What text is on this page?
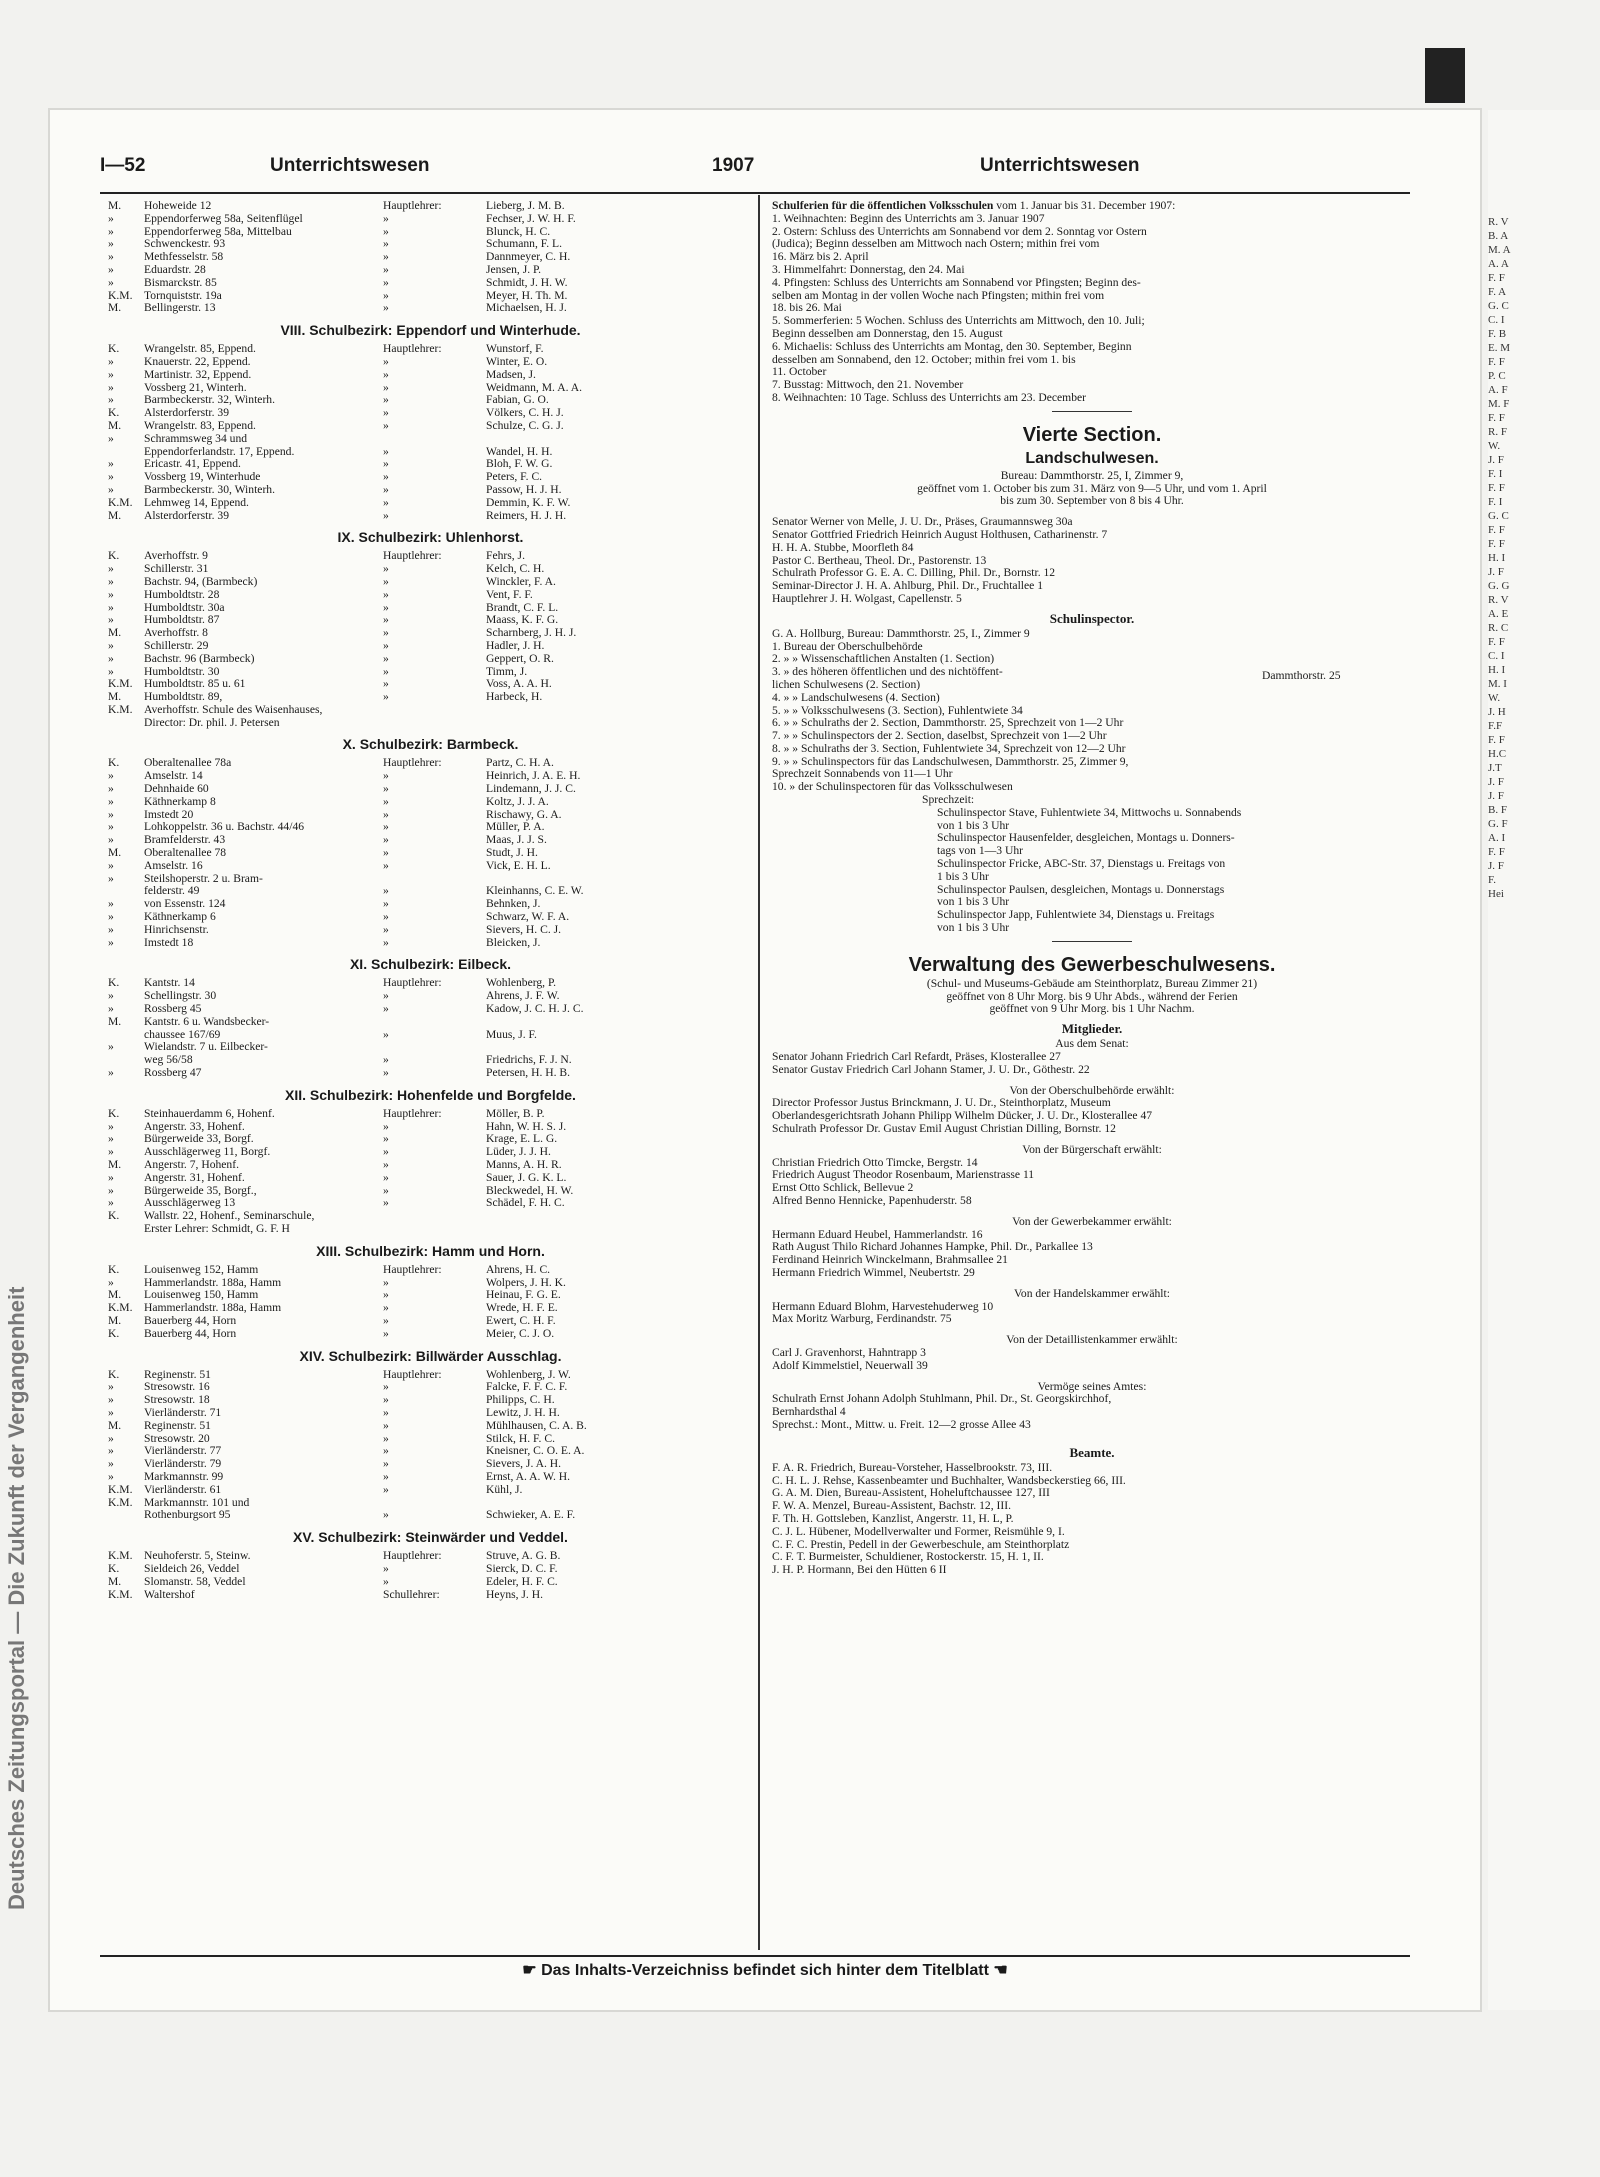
Deutsches Zeitungsportal — Die Zukunft der Vergangenheit
R. V
B. A
M. A
A. A
F. F
F. A
G. C
C. I
F. B
E. M
F. F
P. C
A. F
M. F
F. F
R. F
W.
J. F
F. I
F. F
F. I
G. C
F. F
F. F
H. I
J. F
G. G
R. V
A. E
R. C
F. F
C. I
H. I
M. I
W.
J. H
F.F
F. F
H.C
J.T
J. F
J. F
B. F
G. F
A. I
F. F
J. F
F.
Hei
I—52	Unterrichtswesen	1907	Unterrichtswesen
M.	Hoheweide 12	Hauptlehrer:	Lieberg, J. M. B.
»	Eppendorferweg 58a, Seitenflügel	»	Fechser, J. W. H. F.
»	Eppendorferweg 58a, Mittelbau	»	Blunck, H. C.
»	Schwenckestr. 93	»	Schumann, F. L.
»	Methfesselstr. 58	»	Dannmeyer, C. H.
»	Eduardstr. 28	»	Jensen, J. P.
»	Bismarckstr. 85	»	Schmidt, J. H. W.
K.M. Tornquiststr. 19a	»	Meyer, H. Th. M.
M.	Bellingerstr. 13	»	Michaelsen, H. J.
VIII. Schulbezirk: Eppendorf und Winterhude.
K.	Wrangelstr. 85, Eppend.	Hauptlehrer:	Wunstorf, F.
»	Knauerstr. 22, Eppend.	»	Winter, E. O.
»	Martinistr. 32, Eppend.	»	Madsen, J.
»	Vossberg 21, Winterh.	»	Weidmann, M. A. A.
»	Barmbeckerstr. 32, Winterh.	»	Fabian, G. O.
K.	Alsterdorferstr. 39	»	Völkers, C. H. J.
M.	Wrangelstr. 83, Eppend.	»	Schulze, C. G. J.
»	Schrammsweg 34 und
Eppendorferlandstr. 17, Eppend.	»	Wandel, H. H.
»	Ericastr. 41, Eppend.	»	Bloh, F. W. G.
»	Vossberg 19, Winterhude	»	Peters, F. C.
»	Barmbeckerstr. 30, Winterh.	»	Passow, H. J. H.
K.M. Lehmweg 14, Eppend.	»	Demmin, K. F. W.
M.	Alsterdorferstr. 39	»	Reimers, H. J. H.
IX. Schulbezirk: Uhlenhorst.
K.	Averhoffstr. 9	Hauptlehrer:	Fehrs, J.
»	Schillerstr. 31	»	Kelch, C. H.
»	Bachstr. 94, (Barmbeck)	»	Winckler, F. A.
»	Humboldtstr. 28	»	Vent, F. F.
»	Humboldtstr. 30a	»	Brandt, C. F. L.
»	Humboldtstr. 87	»	Maass, K. F. G.
M.	Averhoffstr. 8	»	Scharnberg, J. H. J.
»	Schillerstr. 29	»	Hadler, J. H.
»	Bachstr. 96 (Barmbeck)	»	Geppert, O. R.
»	Humboldtstr. 30	»	Timm, J.
K.M. Humboldtstr. 85 u. 61	»	Voss, A. A. H.
M.	Humboldtstr. 89,	»	Harbeck, H.
K.M. Averhoffstr. Schule des Waisenhauses,
Director: Dr. phil. J. Petersen
X. Schulbezirk: Barmbeck.
K.	Oberaltenallee 78a	Hauptlehrer:	Partz, C. H. A.
»	Amselstr. 14	»	Heinrich, J. A. E. H.
»	Dehnhaide 60	»	Lindemann, J. J. C.
»	Käthnerkamp 8	»	Koltz, J. J. A.
»	Imstedt 20	»	Rischawy, G. A.
»	Lohkoppelstr. 36 u. Bachstr. 44/46	»	Müller, P. A.
»	Bramfelderstr. 43	»	Maas, J. J. S.
M.	Oberaltenallee 78	»	Studt, J. H.
»	Amselstr. 16	»	Vick, E. H. L.
»	Steilshoperstr. 2 u. Bram-
felderstr. 49	»	Kleinhanns, C. E. W.
»	von Essenstr. 124	»	Behnken, J.
»	Käthnerkamp 6	»	Schwarz, W. F. A.
»	Hinrichsenstr.	»	Sievers, H. C. J.
»	Imstedt 18	»	Bleicken, J.
XI. Schulbezirk: Eilbeck.
K.	Kantstr. 14	Hauptlehrer:	Wohlenberg, P.
»	Schellingstr. 30	»	Ahrens, J. F. W.
»	Rossberg 45	»	Kadow, J. C. H. J. C.
M.	Kantstr. 6 u. Wandsbecker-
chaussee 167/69	»	Muus, J. F.
»	Wielandstr. 7 u. Eilbecker-
weg 56/58	»	Friedrichs, F. J. N.
»	Rossberg 47	»	Petersen, H. H. B.
XII. Schulbezirk: Hohenfelde und Borgfelde.
K.	Steinhauerdamm 6, Hohenf.	Hauptlehrer:	Möller, B. P.
»	Angerstr. 33, Hohenf.	»	Hahn, W. H. S. J.
»	Bürgerweide 33, Borgf.	»	Krage, E. L. G.
»	Ausschlägerweg 11, Borgf.	»	Lüder, J. J. H.
M.	Angerstr. 7, Hohenf.	»	Manns, A. H. R.
»	Angerstr. 31, Hohenf.	»	Sauer, J. G. K. L.
»	Bürgerweide 35, Borgf.,	»	Bleckwedel, H. W.
»	Ausschlägerweg 13	»	Schädel, F. H. C.
K.	Wallstr. 22, Hohenf., Seminarschule,
Erster Lehrer: Schmidt, G. F. H
XIII. Schulbezirk: Hamm und Horn.
K.	Louisenweg 152, Hamm	Hauptlehrer:	Ahrens, H. C.
»	Hammerlandstr. 188a, Hamm	»	Wolpers, J. H. K.
M.	Louisenweg 150, Hamm	»	Heinau, F. G. E.
K.M. Hammerlandstr. 188a, Hamm	»	Wrede, H. F. E.
M.	Bauerberg 44, Horn	»	Ewert, C. H. F.
K.	Bauerberg 44, Horn	»	Meier, C. J. O.
XIV. Schulbezirk: Billwärder Ausschlag.
K.	Reginenstr. 51	Hauptlehrer:	Wohlenberg, J. W.
»	Stresowstr. 16	»	Falcke, F. F. C. F.
»	Stresowstr. 18	»	Philipps, C. H.
»	Vierländerstr. 71	»	Lewitz, J. H. H.
M.	Reginenstr. 51	»	Mühlhausen, C. A. B.
»	Stresowstr. 20	»	Stilck, H. F. C.
»	Vierländerstr. 77	»	Kneisner, C. O. E. A.
»	Vierländerstr. 79	»	Sievers, J. A. H.
»	Markmannstr. 99	»	Ernst, A. A. W. H.
K.M. Vierländerstr. 61	»	Kühl, J.
K.M. Markmannstr. 101 und
Rothenburgsort 95	»	Schwieker, A. E. F.
XV. Schulbezirk: Steinwärder und Veddel.
K.M. Neuhoferstr. 5, Steinw.	Hauptlehrer:	Struve, A. G. B.
K.	Sieldeich 26, Veddel	»	Sierck, D. C. F.
M.	Slomanstr. 58, Veddel	»	Edeler, H. F. C.
K.M. Waltershof	Schullehrer:	Heyns, J. H.
Schulferien für die öffentlichen Volksschulen vom 1. Januar bis 31. December 1907:
1. Weihnachten: Beginn des Unterrichts am 3. Januar 1907
2. Ostern: Schluss des Unterrichts am Sonnabend vor dem 2. Sonntag vor Ostern
(Judica); Beginn desselben am Mittwoch nach Ostern; mithin frei vom
16. März bis 2. April
3. Himmelfahrt: Donnerstag, den 24. Mai
4. Pfingsten: Schluss des Unterrichts am Sonnabend vor Pfingsten; Beginn des-
selben am Montag in der vollen Woche nach Pfingsten; mithin frei vom
18. bis 26. Mai
5. Sommerferien: 5 Wochen. Schluss des Unterrichts am Mittwoch, den 10. Juli;
Beginn desselben am Donnerstag, den 15. August
6. Michaelis: Schluss des Unterrichts am Montag, den 30. September, Beginn
desselben am Sonnabend, den 12. October; mithin frei vom 1. bis
11. October
7. Busstag: Mittwoch, den 21. November
8. Weihnachten: 10 Tage. Schluss des Unterrichts am 23. December
Vierte Section.
Landschulwesen.
Bureau: Dammthorstr. 25, I, Zimmer 9,
geöffnet vom 1. October bis zum 31. März von 9—5 Uhr, und vom 1. April
bis zum 30. September von 8 bis 4 Uhr.
Senator Werner von Melle, J. U. Dr., Präses, Graumannsweg 30a
Senator Gottfried Friedrich Heinrich August Holthusen, Catharinenstr. 7
H. H. A. Stubbe, Moorfleth 84
Pastor C. Bertheau, Theol. Dr., Pastorenstr. 13
Schulrath Professor G. E. A. C. Dilling, Phil. Dr., Bornstr. 12
Seminar-Director J. H. A. Ahlburg, Phil. Dr., Fruchtallee 1
Hauptlehrer J. H. Wolgast, Capellenstr. 5
Schulinspector.
G. A. Hollburg, Bureau: Dammthorstr. 25, I., Zimmer 9
1. Bureau der Oberschulbehörde
2. » » Wissenschaftlichen Anstalten (1. Section)
3. » des höheren öffentlichen und des nichtöffent-
lichen Schulwesens (2. Section)
4. » » Landschulwesens (4. Section)
5. » » Volksschulwesens (3. Section), Fuhlentwiete 34
6. » » Schulraths der 2. Section, Dammthorstr. 25, Sprechzeit von 1—2 Uhr
7. » » Schulinspectors der 2. Section, daselbst, Sprechzeit von 1—2 Uhr
8. » » Schulraths der 3. Section, Fuhlentwiete 34, Sprechzeit von 12—2 Uhr
9. » » Schulinspectors für das Landschulwesen, Dammthorstr. 25, Zimmer 9,
Sprechzeit Sonnabends von 11—1 Uhr
10. » der Schulinspectoren für das Volksschulwesen
Dammthorstr. 25
Sprechzeit:
Schulinspector Stave, Fuhlentwiete 34, Mittwochs u. Sonnabends
von 1 bis 3 Uhr
Schulinspector Hausenfelder, desgleichen, Montags u. Donners-
tags von 1—3 Uhr
Schulinspector Fricke, ABC-Str. 37, Dienstags u. Freitags von
1 bis 3 Uhr
Schulinspector Paulsen, desgleichen, Montags u. Donnerstags
von 1 bis 3 Uhr
Schulinspector Japp, Fuhlentwiete 34, Dienstags u. Freitags
von 1 bis 3 Uhr
Verwaltung des Gewerbeschulwesens.
(Schul- und Museums-Gebäude am Steinthorplatz, Bureau Zimmer 21)
geöffnet von 8 Uhr Morg. bis 9 Uhr Abds., während der Ferien
geöffnet von 9 Uhr Morg. bis 1 Uhr Nachm.
Mitglieder.
Aus dem Senat:
Senator Johann Friedrich Carl Refardt, Präses, Klosterallee 27
Senator Gustav Friedrich Carl Johann Stamer, J. U. Dr., Göthestr. 22
Von der Oberschulbehörde erwählt:
Director Professor Justus Brinckmann, J. U. Dr., Steinthorplatz, Museum
Oberlandesgerichtsrath Johann Philipp Wilhelm Dücker, J. U. Dr., Klosterallee 47
Schulrath Professor Dr. Gustav Emil August Christian Dilling, Bornstr. 12
Von der Bürgerschaft erwählt:
Christian Friedrich Otto Timcke, Bergstr. 14
Friedrich August Theodor Rosenbaum, Marienstrasse 11
Ernst Otto Schlick, Bellevue 2
Alfred Benno Hennicke, Papenhuderstr. 58
Von der Gewerbekammer erwählt:
Hermann Eduard Heubel, Hammerlandstr. 16
Rath August Thilo Richard Johannes Hampke, Phil. Dr., Parkallee 13
Ferdinand Heinrich Winckelmann, Brahmsallee 21
Hermann Friedrich Wimmel, Neubertstr. 29
Von der Handelskammer erwählt:
Hermann Eduard Blohm, Harvestehuderweg 10
Max Moritz Warburg, Ferdinandstr. 75
Von der Detaillistenkammer erwählt:
Carl J. Gravenhorst, Hahntrapp 3
Adolf Kimmelstiel, Neuerwall 39
Vermöge seines Amtes:
Schulrath Ernst Johann Adolph Stuhlmann, Phil. Dr., St. Georgskirchhof,
Bernhardsthal 4
Sprechst.: Mont., Mittw. u. Freit. 12—2 grosse Allee 43
Beamte.
F. A. R. Friedrich, Bureau-Vorsteher, Hasselbrookstr. 73, III.
C. H. L. J. Rehse, Kassenbeamter und Buchhalter, Wandsbeckerstieg 66, III.
G. A. M. Dien, Bureau-Assistent, Hoheluftchaussee 127, III
F. W. A. Menzel, Bureau-Assistent, Bachstr. 12, III.
F. Th. H. Gottsleben, Kanzlist, Angerstr. 11, H. L, P.
C. J. L. Hübener, Modellverwalter und Former, Reismühle 9, I.
C. F. C. Prestin, Pedell in der Gewerbeschule, am Steinthorplatz
C. F. T. Burmeister, Schuldiener, Rostockerstr. 15, H. 1, II.
J. H. P. Hormann, Bei den Hütten 6 II
☛ Das Inhalts-Verzeichniss befindet sich hinter dem Titelblatt ☚
